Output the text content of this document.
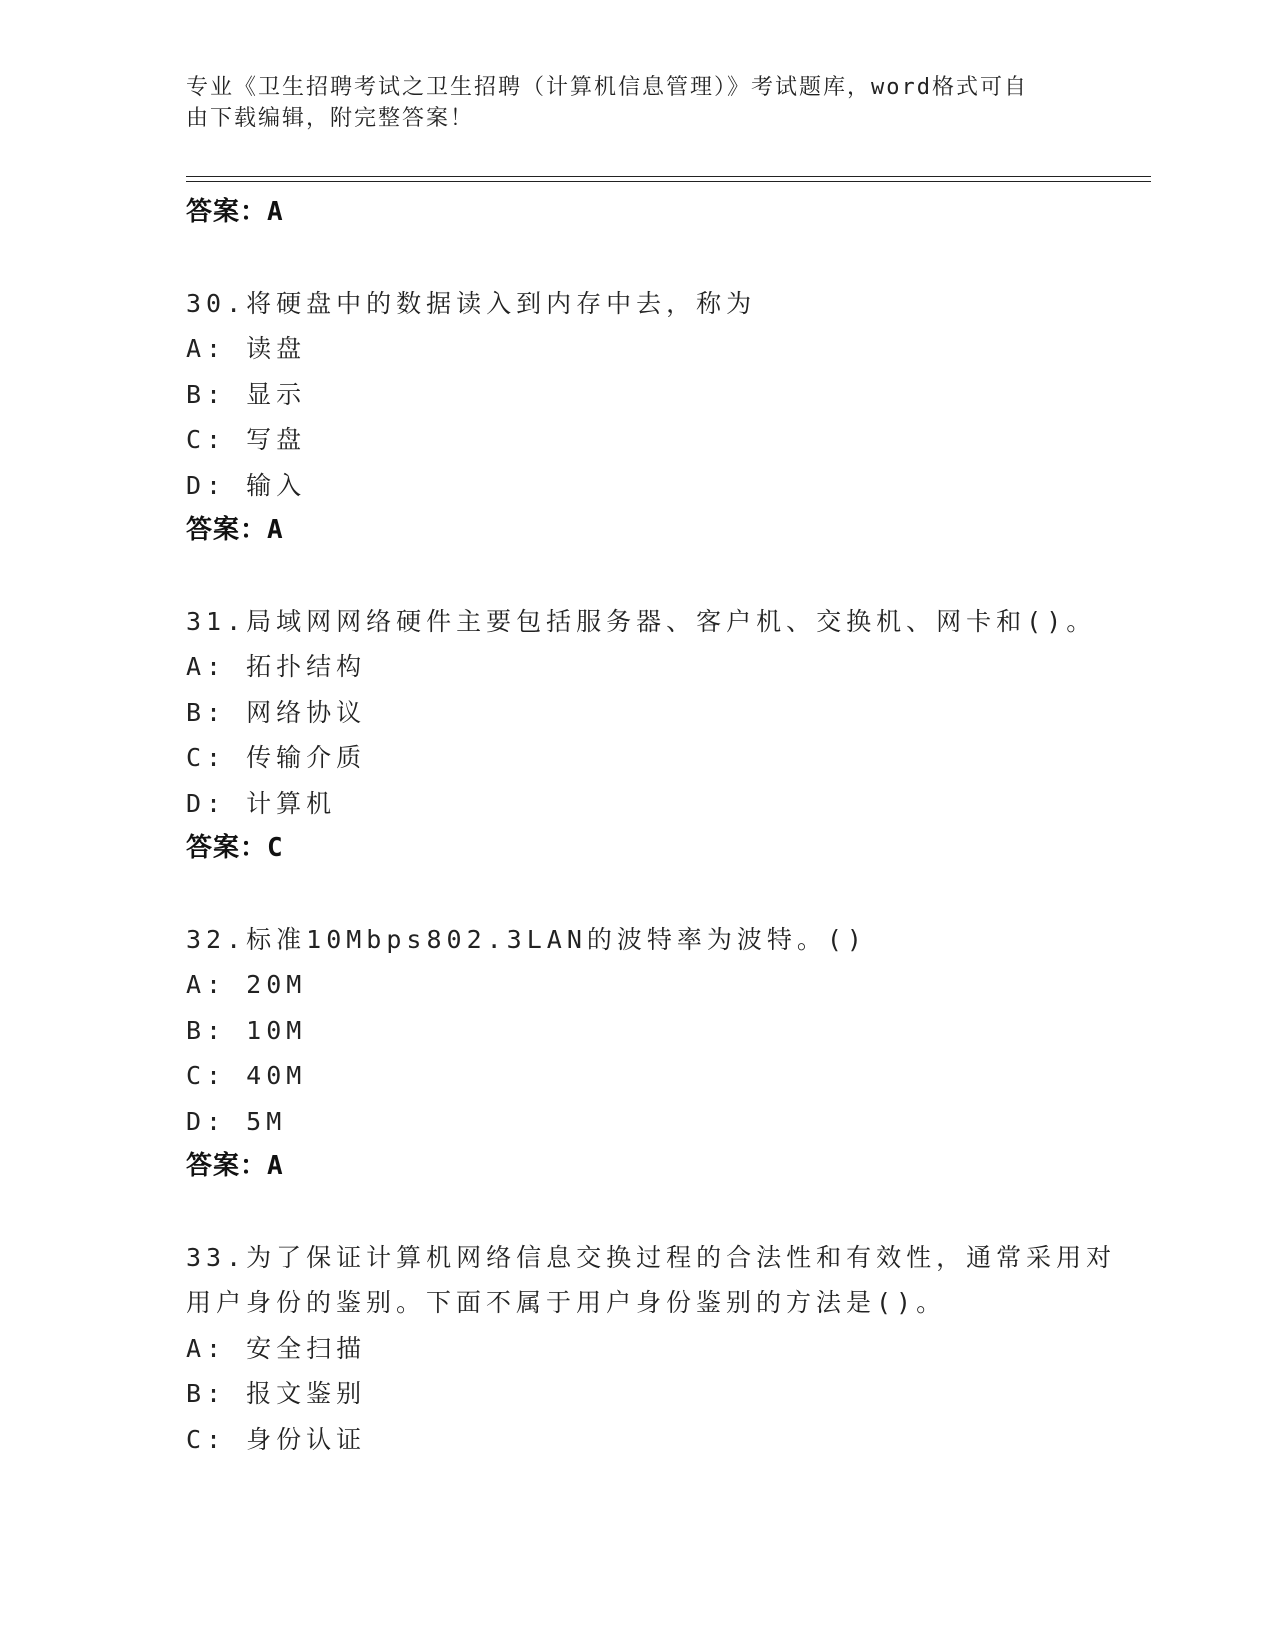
专业《卫生招聘考试之卫生招聘（计算机信息管理）》考试题库，word格式可自
由下载编辑，附完整答案！
答案：A
30.将硬盘中的数据读入到内存中去，称为
A: 读盘
B: 显示
C: 写盘
D: 输入
答案：A
31.局域网网络硬件主要包括服务器、客户机、交换机、网卡和()。
A: 拓扑结构
B: 网络协议
C: 传输介质
D: 计算机
答案：C
32.标准10Mbps802.3LAN的波特率为波特。()
A: 20M
B: 10M
C: 40M
D: 5M
答案：A
33.为了保证计算机网络信息交换过程的合法性和有效性，通常采用对
用户身份的鉴别。下面不属于用户身份鉴别的方法是()。
A: 安全扫描
B: 报文鉴别
C: 身份认证
